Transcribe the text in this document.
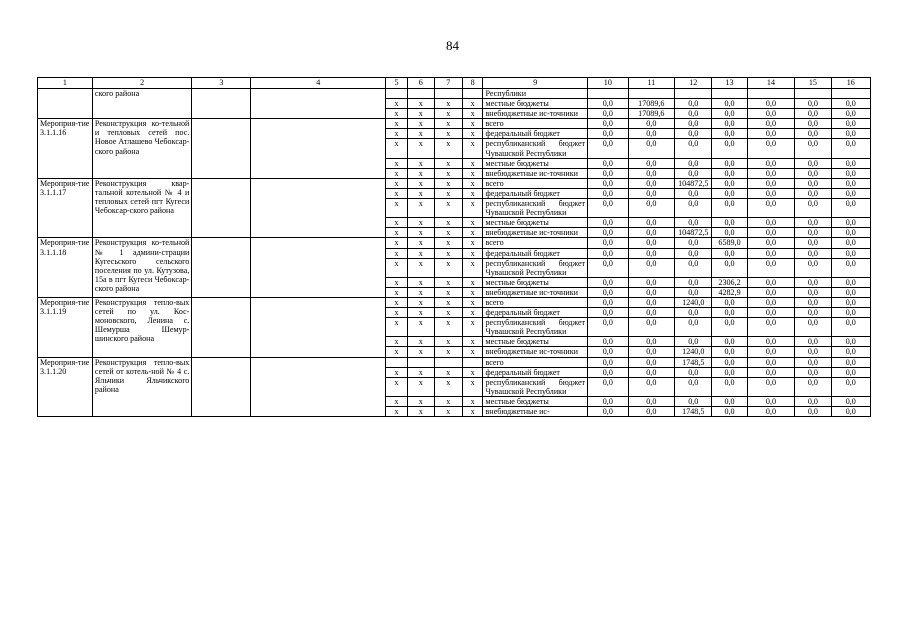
84
1	2	3	4	5	6	7	8	9	10	11	12	13	14	15	16
	ского района							Республики							
				х	х	х	х	местные бюджеты	0,0	17089,6	0,0	0,0	0,0	0,0	0,0
				х	х	х	х	внебюджетные ис-точники	0,0	17089,6	0,0	0,0	0,0	0,0	0,0
Мероприя-тие 3.1.1.16	Реконструкция ко-тельной и тепловых сетей пос. Новое Атлашево Чебоксар-ского района			х	х	х	х	всего	0,0	0,0	0,0	0,0	0,0	0,0	0,0
				х	х	х	х	федеральный бюджет	0,0	0,0	0,0	0,0	0,0	0,0	0,0
				х	х	х	х	республиканский бюджет Чувашской Республики	0,0	0,0	0,0	0,0	0,0	0,0	0,0
				х	х	х	х	местные бюджеты	0,0	0,0	0,0	0,0	0,0	0,0	0,0
				х	х	х	х	внебюджетные ис-точники	0,0	0,0	0,0	0,0	0,0	0,0	0,0
Мероприя-тие 3.1.1.17	Реконструкция квар-тальной котельной № 4 и тепловых сетей пгт Кугеси Чебоксар-ского района			х	х	х	х	всего	0,0	0,0	104872,5	0,0	0,0	0,0	0,0
				х	х	х	х	федеральный бюджет	0,0	0,0	0,0	0,0	0,0	0,0	0,0
				х	х	х	х	республиканский бюджет Чувашской Республики	0,0	0,0	0,0	0,0	0,0	0,0	0,0
				х	х	х	х	местные бюджеты	0,0	0,0	0,0	0,0	0,0	0,0	0,0
				х	х	х	х	внебюджетные ис-точники	0,0	0,0	104872,5	0,0	0,0	0,0	0,0
Мероприя-тие 3.1.1.18	Реконструкция ко-тельной № 1 админи-страции Кугесьского сельского поселения по ул. Кутузова, 15а в пгт Кугеси Чебоксар-ского района			х	х	х	х	всего	0,0	0,0	0,0	6589,0	0,0	0,0	0,0
				х	х	х	х	федеральный бюджет	0,0	0,0	0,0	0,0	0,0	0,0	0,0
				х	х	х	х	республиканский бюджет Чувашской Республики	0,0	0,0	0,0	0,0	0,0	0,0	0,0
				х	х	х	х	местные бюджеты	0,0	0,0	0,0	2306,2	0,0	0,0	0,0
				х	х	х	х	внебюджетные ис-точники	0,0	0,0	0,0	4282,9	0,0	0,0	0,0
Мероприя-тие 3.1.1.19	Реконструкция тепло-вых сетей по ул. Кос-моновского, Ленина с. Шемурша Шемур-шинского района			х	х	х	х	всего	0,0	0,0	1240,0	0,0	0,0	0,0	0,0
				х	х	х	х	федеральный бюджет	0,0	0,0	0,0	0,0	0,0	0,0	0,0
				х	х	х	х	республиканский бюджет Чувашской Республики	0,0	0,0	0,0	0,0	0,0	0,0	0,0
				х	х	х	х	местные бюджеты	0,0	0,0	0,0	0,0	0,0	0,0	0,0
				х	х	х	х	внебюджетные ис-точники	0,0	0,0	1240,0	0,0	0,0	0,0	0,0
Мероприя-тие 3.1.1.20	Реконструкция тепло-вых сетей от котель-ной № 4 с. Яльчики Яльчикского района							всего	0,0	0,0	1748,5	0,0	0,0	0,0	0,0
				х	х	х	х	федеральный бюджет	0,0	0,0	0,0	0,0	0,0	0,0	0,0
				х	х	х	х	республиканский бюджет Чувашской Республики	0,0	0,0	0,0	0,0	0,0	0,0	0,0
				х	х	х	х	местные бюджеты	0,0	0,0	0,0	0,0	0,0	0,0	0,0
				х	х	х	х	внебюджетные ис-	0,0	0,0	1748,5	0,0	0,0	0,0	0,0
